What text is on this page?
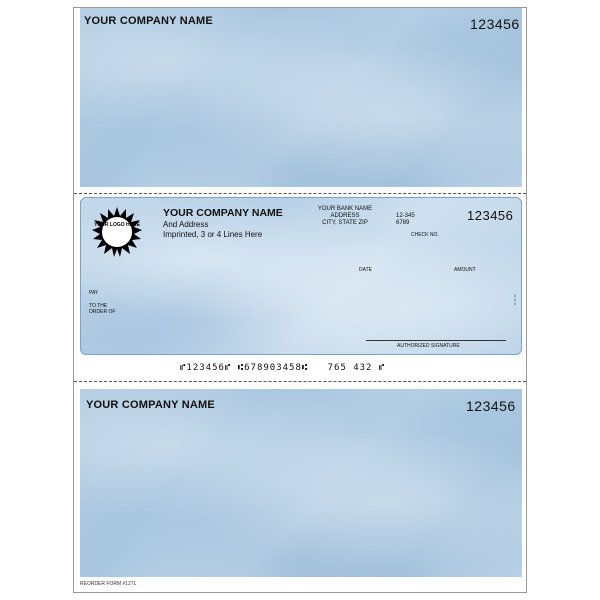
YOUR COMPANY NAME	123456
YOUR LOGO HERE
YOUR COMPANY NAME
And Address
Imprinted, 3 or 4 Lines Here
YOUR BANK NAME
ADDRESS
CITY, STATE ZIP
12-345
6789
CHECK NO.
123456
DATE	AMOUNT
PAY
TO THE ORDER OF
▮▮▮
AUTHORIZED SIGNATURE
⑈123456⑈ ⑆678903458⑆   765 432 ⑈
YOUR COMPANY NAME	123456
REORDER FORM #127L
